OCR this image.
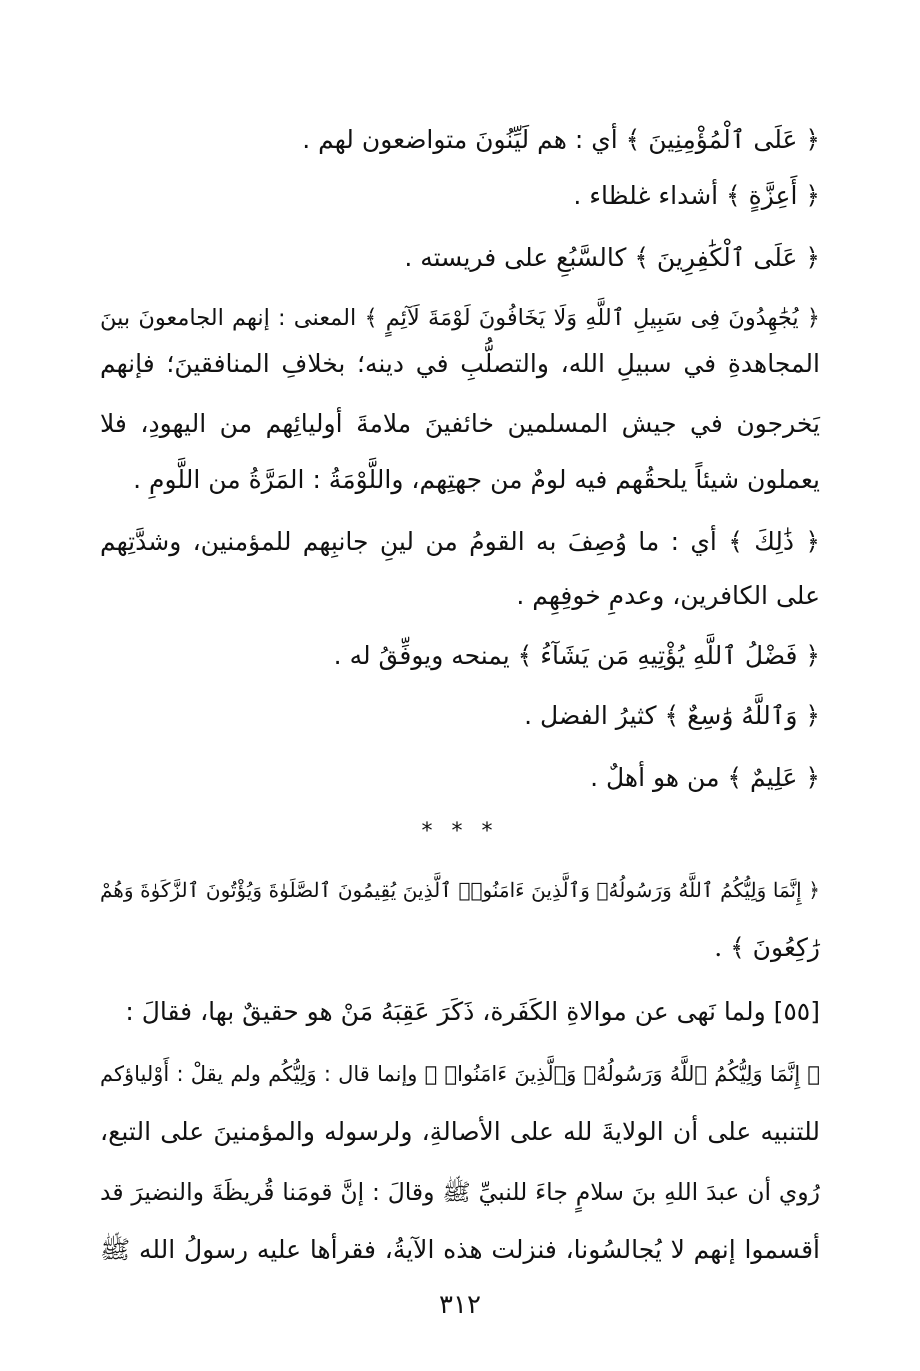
﴿ عَلَى ٱلْمُؤْمِنِينَ ﴾ أي : هم لَيِّنُونَ متواضعون لهم .
﴿ أَعِزَّةٍ ﴾ أشداء غلظاء .
﴿ عَلَى ٱلْكَٰفِرِينَ ﴾ كالسَّبُعِ على فريسته .
﴿ يُجَٰهِدُونَ فِى سَبِيلِ ٱللَّهِ وَلَا يَخَافُونَ لَوْمَةَ لَآئِمٍ ﴾ المعنى : إنهم الجامعونَ بينَ
المجاهدةِ في سبيلِ الله، والتصلُّبِ في دينه؛ بخلافِ المنافقينَ؛ فإنهم
يَخرجون في جيش المسلمين خائفينَ ملامةَ أوليائِهم من اليهودِ، فلا
يعملون شيئاً يلحقُهم فيه لومٌ من جهتِهم، واللَّوْمَةُ : المَرَّةُ من اللَّومِ .
﴿ ذَٰلِكَ ﴾ أي : ما وُصِفَ به القومُ من لينِ جانبِهم للمؤمنين، وشدَّتِهم
على الكافرين، وعدمِ خوفِهِم .
﴿ فَضْلُ ٱللَّهِ يُؤْتِيهِ مَن يَشَآءُ ﴾ يمنحه ويوفِّقُ له .
﴿ وَٱللَّهُ وَٰسِعٌ ﴾ كثيرُ الفضل .
﴿ عَلِيمٌ ﴾ من هو أهلٌ .
* * *
﴿ إِنَّمَا وَلِيُّكُمُ ٱللَّهُ وَرَسُولُهُۥ وَٱلَّذِينَ ءَامَنُوا۟ ٱلَّذِينَ يُقِيمُونَ ٱلصَّلَوٰةَ وَيُؤْتُونَ ٱلزَّكَوٰةَ وَهُمْ
رَٰكِعُونَ ﴾ .
[٥٥] ولما نَهى عن موالاةِ الكَفَرة، ذَكَرَ عَقِبَهُ مَنْ هو حقيقٌ بها، فقالَ :
﴿ إِنَّمَا وَلِيُّكُمُ ٱللَّهُ وَرَسُولُهُۥ وَٱلَّذِينَ ءَامَنُوا۟ ﴾ وإنما قال : وَلِيُّكُم ولم يقلْ : أَوْلياؤكم
للتنبيه على أن الولايةَ لله على الأصالةِ، ولرسوله والمؤمنينَ على التبع،
رُوي أن عبدَ اللهِ بنَ سلامٍ جاءَ للنبيِّ ﷺ وقالَ : إنَّ قومَنا قُريظَةَ والنضيرَ قد
أقسموا إنهم لا يُجالسُونا، فنزلت هذه الآيةُ، فقرأها عليه رسولُ الله ﷺ
٣١٢
